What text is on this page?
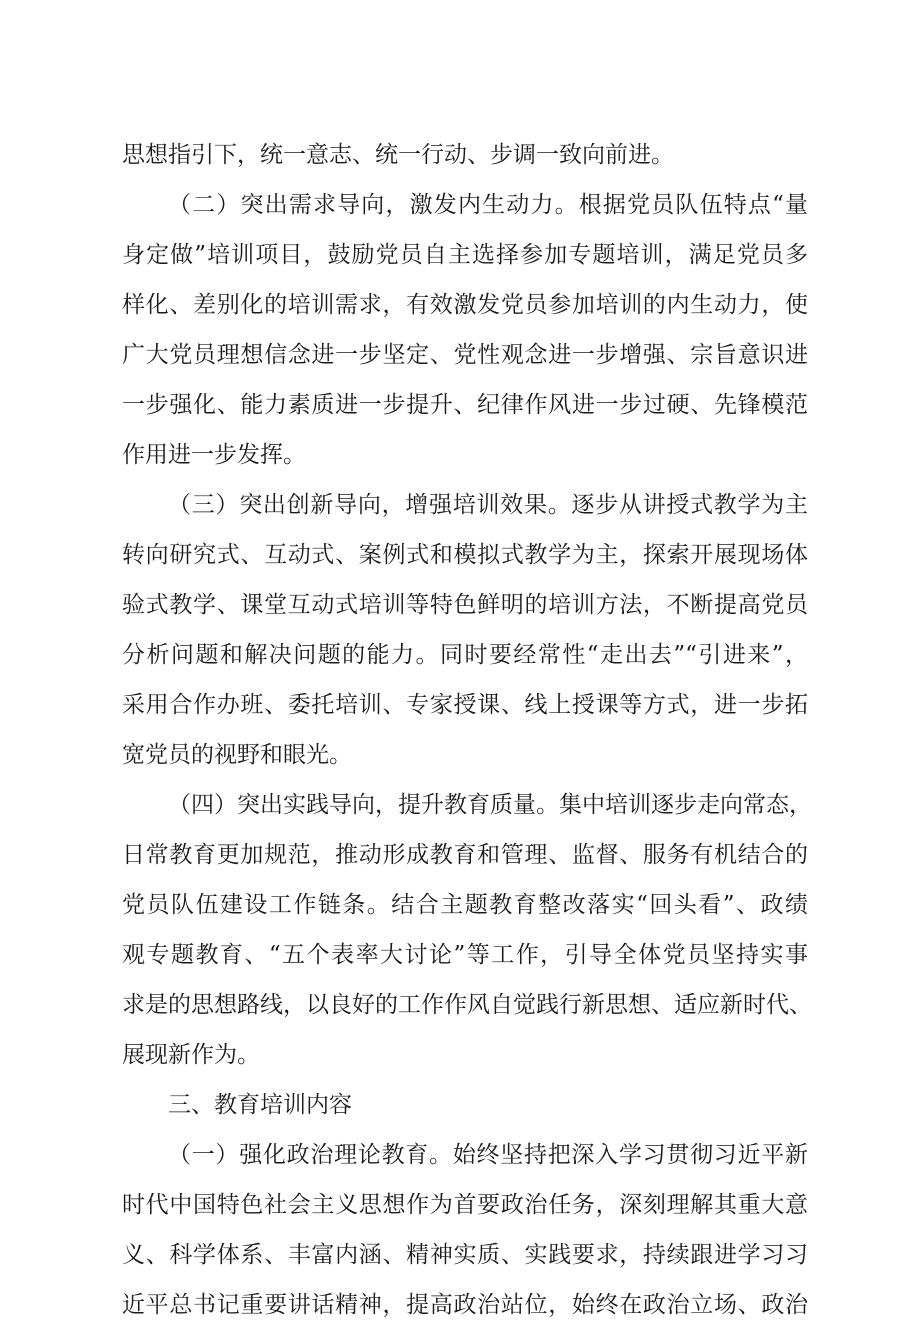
思想指引下，统一意志、统一行动、步调一致向前进。
（二）突出需求导向，激发内生动力。根据党员队伍特点“量
身定做”培训项目，鼓励党员自主选择参加专题培训，满足党员多
样化、差别化的培训需求，有效激发党员参加培训的内生动力，使
广大党员理想信念进一步坚定、党性观念进一步增强、宗旨意识进
一步强化、能力素质进一步提升、纪律作风进一步过硬、先锋模范
作用进一步发挥。
（三）突出创新导向，增强培训效果。逐步从讲授式教学为主
转向研究式、互动式、案例式和模拟式教学为主，探索开展现场体
验式教学、课堂互动式培训等特色鲜明的培训方法，不断提高党员
分析问题和解决问题的能力。同时要经常性“走出去”“引进来”，
采用合作办班、委托培训、专家授课、线上授课等方式，进一步拓
宽党员的视野和眼光。
（四）突出实践导向，提升教育质量。集中培训逐步走向常态，
日常教育更加规范，推动形成教育和管理、监督、服务有机结合的
党员队伍建设工作链条。结合主题教育整改落实“回头看”、政绩
观专题教育、“五个表率大讨论”等工作，引导全体党员坚持实事
求是的思想路线，以良好的工作作风自觉践行新思想、适应新时代、
展现新作为。
三、教育培训内容
（一）强化政治理论教育。始终坚持把深入学习贯彻习近平新
时代中国特色社会主义思想作为首要政治任务，深刻理解其重大意
义、科学体系、丰富内涵、精神实质、实践要求，持续跟进学习习
近平总书记重要讲话精神，提高政治站位，始终在政治立场、政治
